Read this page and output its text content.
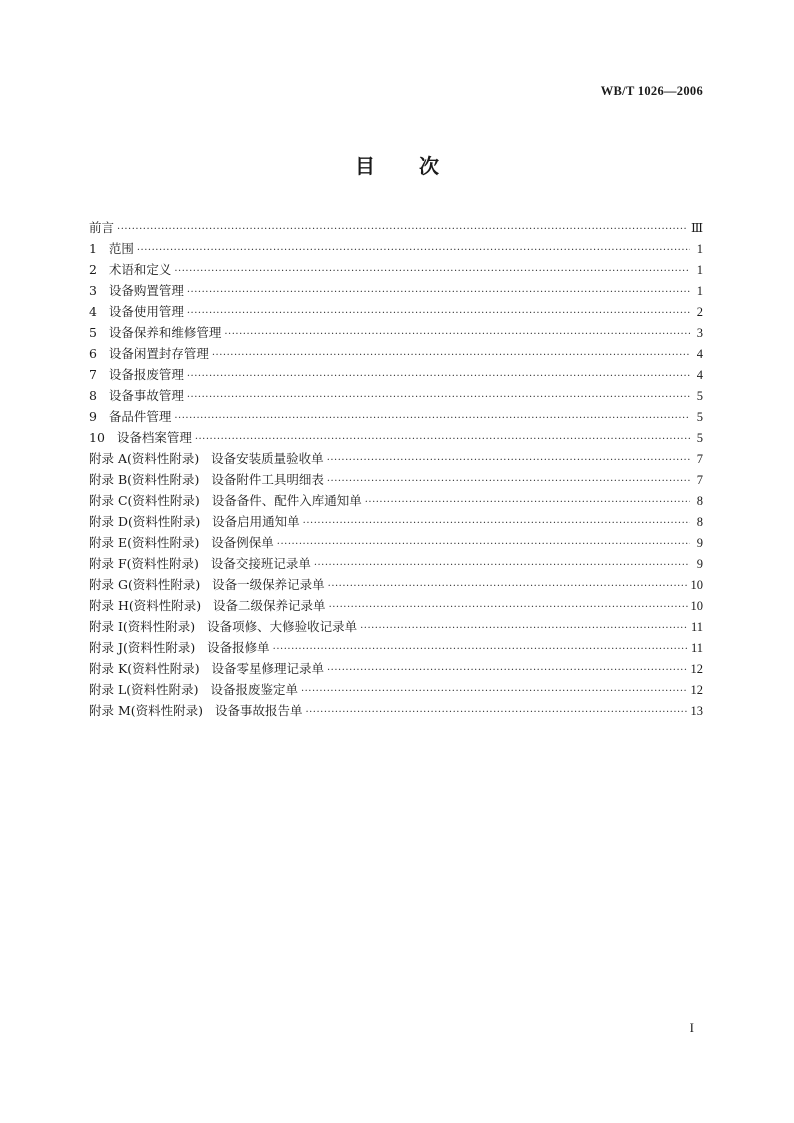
WB/T 1026—2006
目 次
前言 ·····	Ⅲ
1   范围 ·····	1
2   术语和定义 ·····	1
3   设备购置管理 ·····	1
4   设备使用管理 ·····	2
5   设备保养和维修管理 ·····	3
6   设备闲置封存管理 ·····	4
7   设备报废管理 ·····	4
8   设备事故管理 ·····	5
9   备品件管理 ·····	5
10   设备档案管理 ·····	5
附录 A(资料性附录)   设备安装质量验收单 ·····	7
附录 B(资料性附录)   设备附件工具明细表 ·····	7
附录 C(资料性附录)   设备备件、配件入库通知单 ·····	8
附录 D(资料性附录)   设备启用通知单 ·····	8
附录 E(资料性附录)   设备例保单 ·····	9
附录 F(资料性附录)   设备交接班记录单 ·····	9
附录 G(资料性附录)   设备一级保养记录单 ·····	10
附录 H(资料性附录)   设备二级保养记录单 ·····	10
附录 I(资料性附录)   设备项修、大修验收记录单 ·····	11
附录 J(资料性附录)   设备报修单 ·····	11
附录 K(资料性附录)   设备零星修理记录单 ·····	12
附录 L(资料性附录)   设备报废鉴定单 ·····	12
附录 M(资料性附录)   设备事故报告单 ·····	13
I
